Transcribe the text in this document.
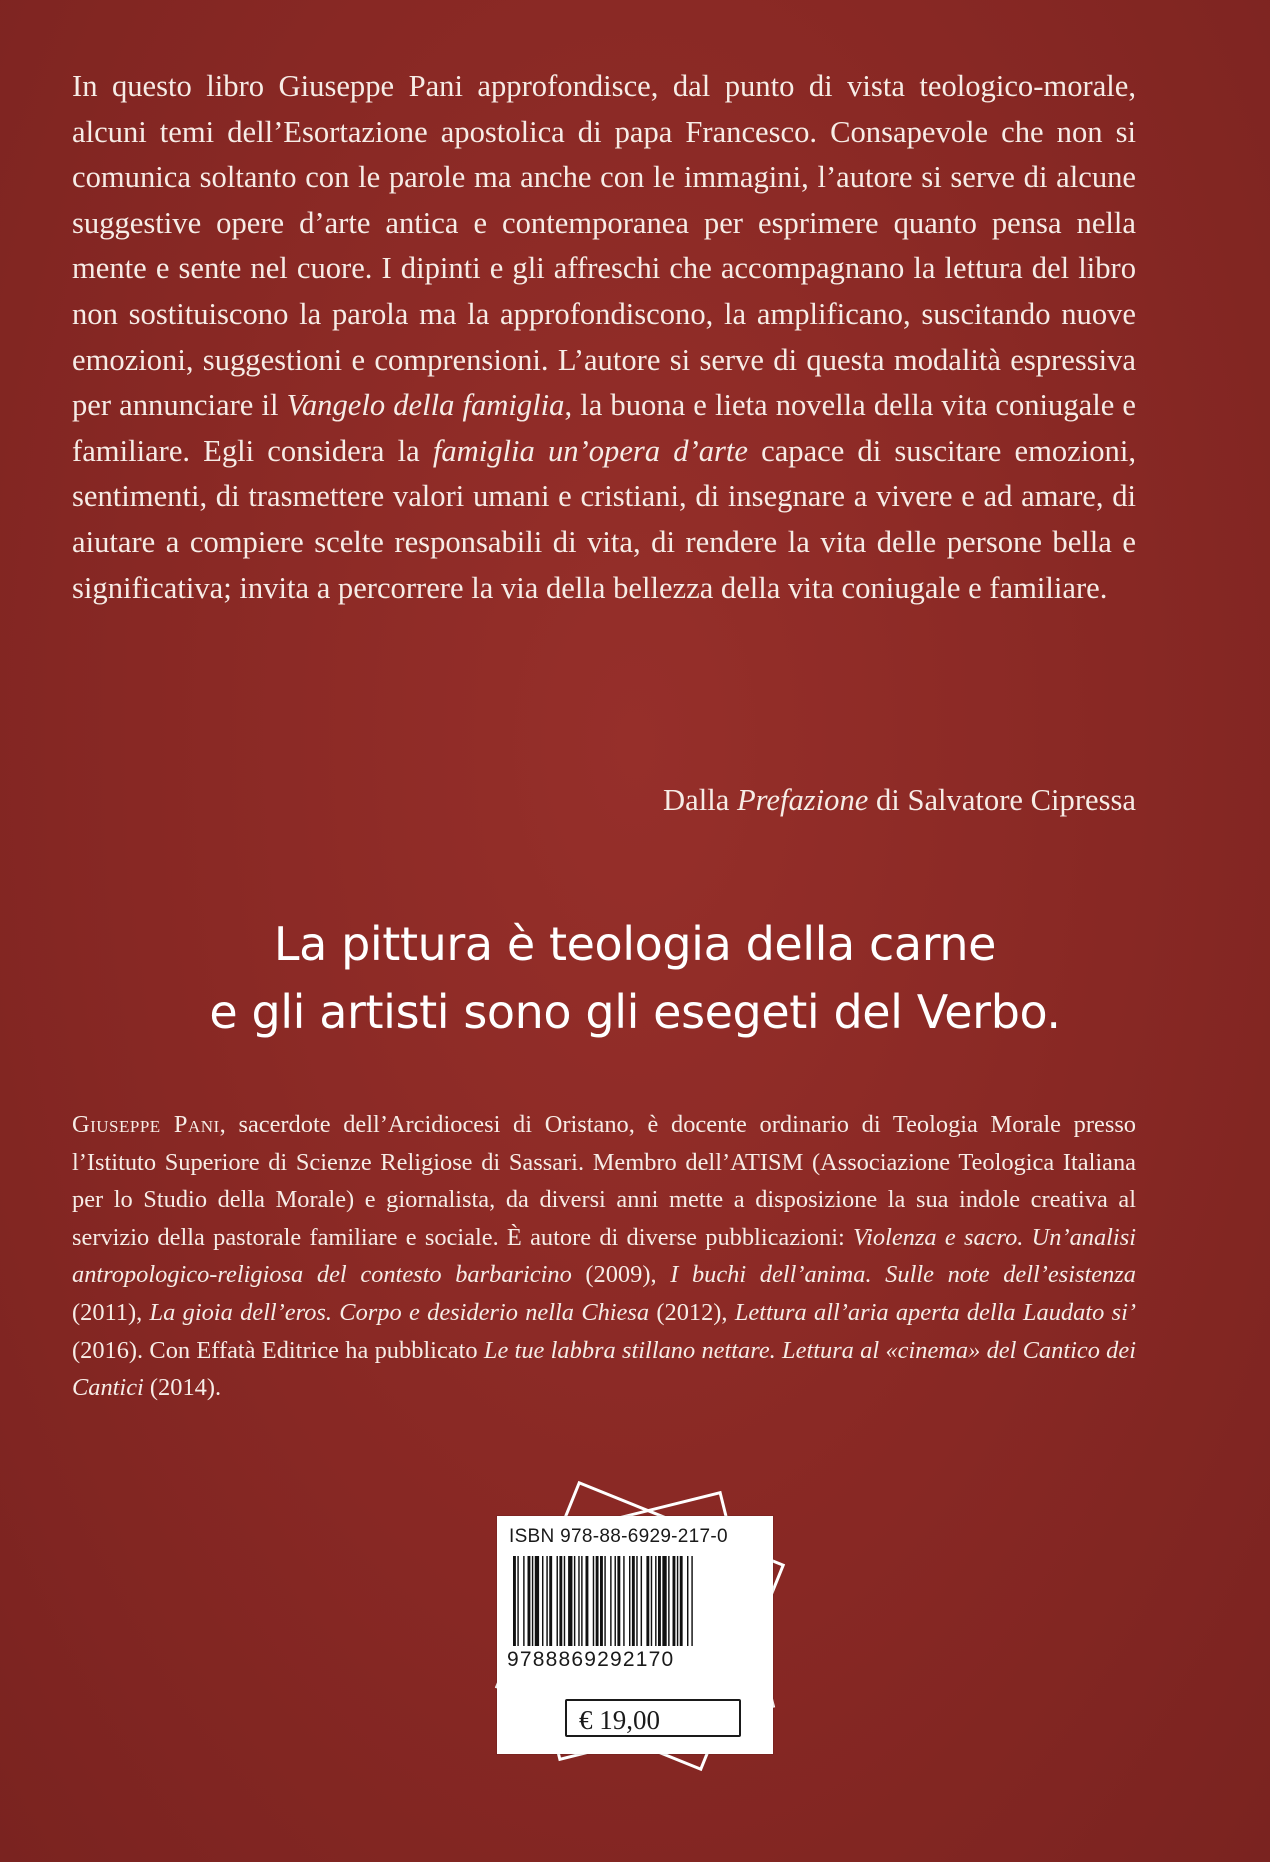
In questo libro Giuseppe Pani approfondisce, dal punto di vista teologico-morale, alcuni temi dell’Esortazione apostolica di papa Francesco. Consapevole che non si comunica soltanto con le parole ma anche con le immagini, l’autore si serve di alcune suggestive opere d’arte antica e contemporanea per esprimere quanto pensa nella mente e sente nel cuore. I dipinti e gli affreschi che accompagnano la lettura del libro non sostituiscono la parola ma la approfondiscono, la amplificano, suscitando nuove emozioni, suggestioni e comprensioni. L’autore si serve di questa modalità espressiva per annunciare il Vangelo della famiglia, la buona e lieta novella della vita coniugale e familiare. Egli considera la famiglia un’opera d’arte capace di suscitare emozioni, sentimenti, di trasmettere valori umani e cristiani, di insegnare a vivere e ad amare, di aiutare a compiere scelte responsabili di vita, di rendere la vita delle persone bella e significativa; invita a percorrere la via della bellezza della vita coniugale e familiare.

Dalla Prefazione di Salvatore Cipressa
La pittura è teologia della carne
e gli artisti sono gli esegeti del Verbo.

Giuseppe Pani, sacerdote dell’Arcidiocesi di Oristano, è docente ordinario di Teologia Morale presso l’Istituto Superiore di Scienze Religiose di Sassari. Membro dell’ATISM (Associazione Teologica Italiana per lo Studio della Morale) e giornalista, da diversi anni mette a disposizione la sua indole creativa al servizio della pastorale familiare e sociale. È autore di diverse pubblicazioni: Violenza e sacro. Un’analisi antropologico-religiosa del contesto barbaricino (2009), I buchi dell’anima. Sulle note dell’esistenza (2011), La gioia dell’eros. Corpo e desiderio nella Chiesa (2012), Lettura all’aria aperta della Laudato si’ (2016). Con Effatà Editrice ha pubblicato Le tue labbra stillano nettare. Lettura al «cinema» del Cantico dei Cantici (2014).

ISBN 978-88-6929-217-0
9788869292170
€ 19,00
